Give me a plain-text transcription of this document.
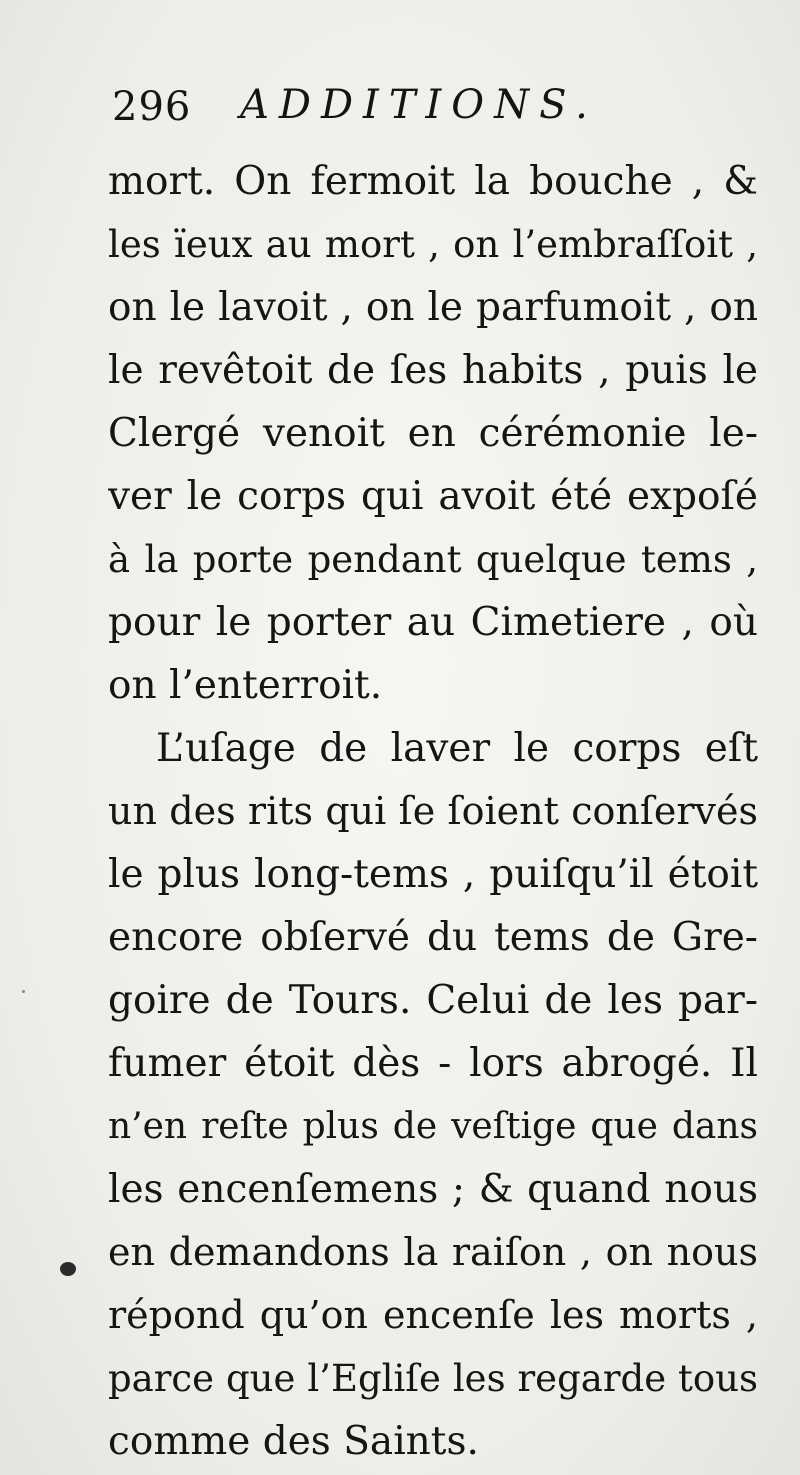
296 ADDITIONS.
mort. On fermoit la bouche , &
les ïeux au mort , on l’embraſſoit ,
on le lavoit , on le parfumoit , on
le revêtoit de ſes habits , puis le
Clergé venoit en cérémonie le-
ver le corps qui avoit été expoſé
à la porte pendant quelque tems ,
pour le porter au Cimetiere , où
on l’enterroit.
L’uſage de laver le corps eſt
un des rits qui ſe ſoient conſervés
le plus long-tems , puiſqu’il étoit
encore obſervé du tems de Gre-
goire de Tours. Celui de les par-
fumer étoit dès - lors abrogé. Il
n’en reſte plus de veſtige que dans
les encenſemens ; & quand nous
en demandons la raiſon , on nous
répond qu’on encenſe les morts ,
parce que l’Egliſe les regarde tous
comme des Saints.
